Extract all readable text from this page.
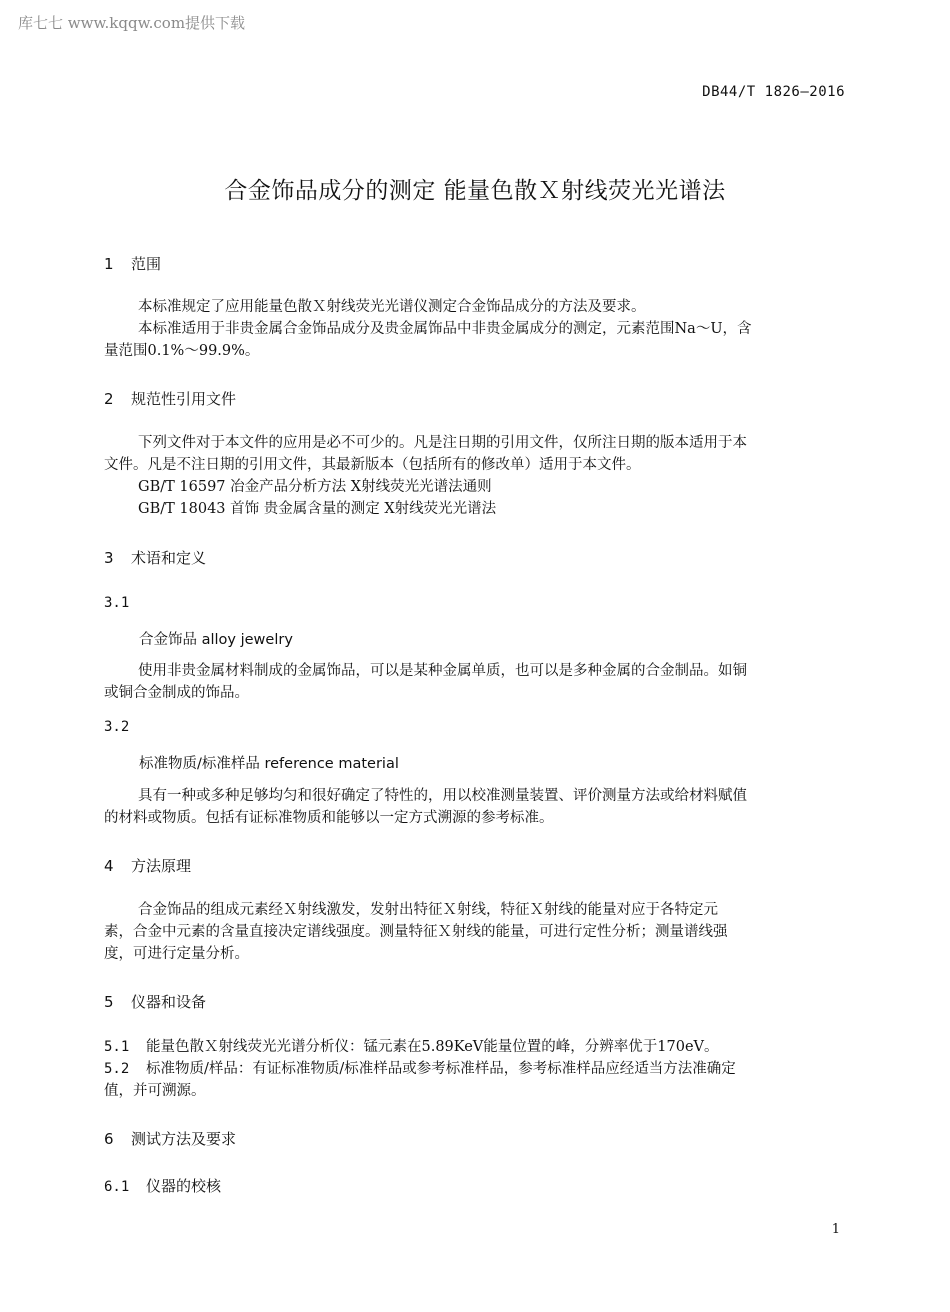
库七七 www.kqqw.com提供下载
DB44/T 1826—2016
合金饰品成分的测定 能量色散Ｘ射线荧光光谱法
1 范围
本标准规定了应用能量色散Ｘ射线荧光光谱仪测定合金饰品成分的方法及要求。
本标准适用于非贵金属合金饰品成分及贵金属饰品中非贵金属成分的测定，元素范围Na～U，含
量范围0.1%～99.9%。
2 规范性引用文件
下列文件对于本文件的应用是必不可少的。凡是注日期的引用文件，仅所注日期的版本适用于本
文件。凡是不注日期的引用文件，其最新版本（包括所有的修改单）适用于本文件。
GB/T 16597 冶金产品分析方法 X射线荧光光谱法通则
GB/T 18043 首饰 贵金属含量的测定 X射线荧光光谱法
3 术语和定义
3.1
合金饰品 alloy jewelry
使用非贵金属材料制成的金属饰品，可以是某种金属单质，也可以是多种金属的合金制品。如铜
或铜合金制成的饰品。
3.2
标准物质/标准样品 reference material
具有一种或多种足够均匀和很好确定了特性的，用以校准测量装置、评价测量方法或给材料赋值
的材料或物质。包括有证标准物质和能够以一定方式溯源的参考标准。
4 方法原理
合金饰品的组成元素经Ｘ射线激发，发射出特征Ｘ射线，特征Ｘ射线的能量对应于各特定元
素，合金中元素的含量直接决定谱线强度。测量特征Ｘ射线的能量，可进行定性分析；测量谱线强
度，可进行定量分析。
5 仪器和设备
5.1 能量色散Ｘ射线荧光光谱分析仪：锰元素在5.89KeV能量位置的峰，分辨率优于170eV。
5.2 标准物质/样品：有证标准物质/标准样品或参考标准样品，参考标准样品应经适当方法准确定
值，并可溯源。
6 测试方法及要求
6.1 仪器的校核
1
